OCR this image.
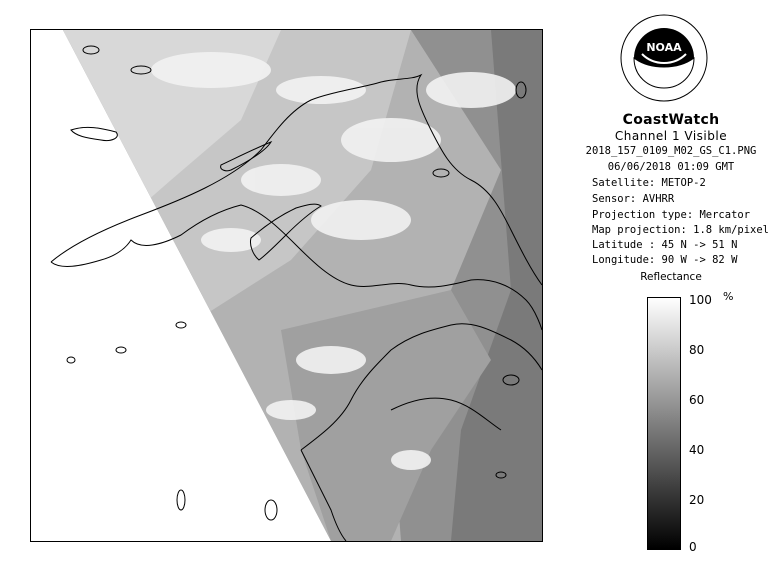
NOAA
CoastWatch
Channel 1 Visible
2018_157_0109_M02_GS_C1.PNG
06/06/2018 01:09 GMT
Satellite: METOP-2
Sensor: AVHRR
Projection type: Mercator
Map projection: 1.8 km/pixel
Latitude : 45 N -> 51 N
Longitude: 90 W -> 82 W
Reflectance
%
100
80
60
40
20
0
